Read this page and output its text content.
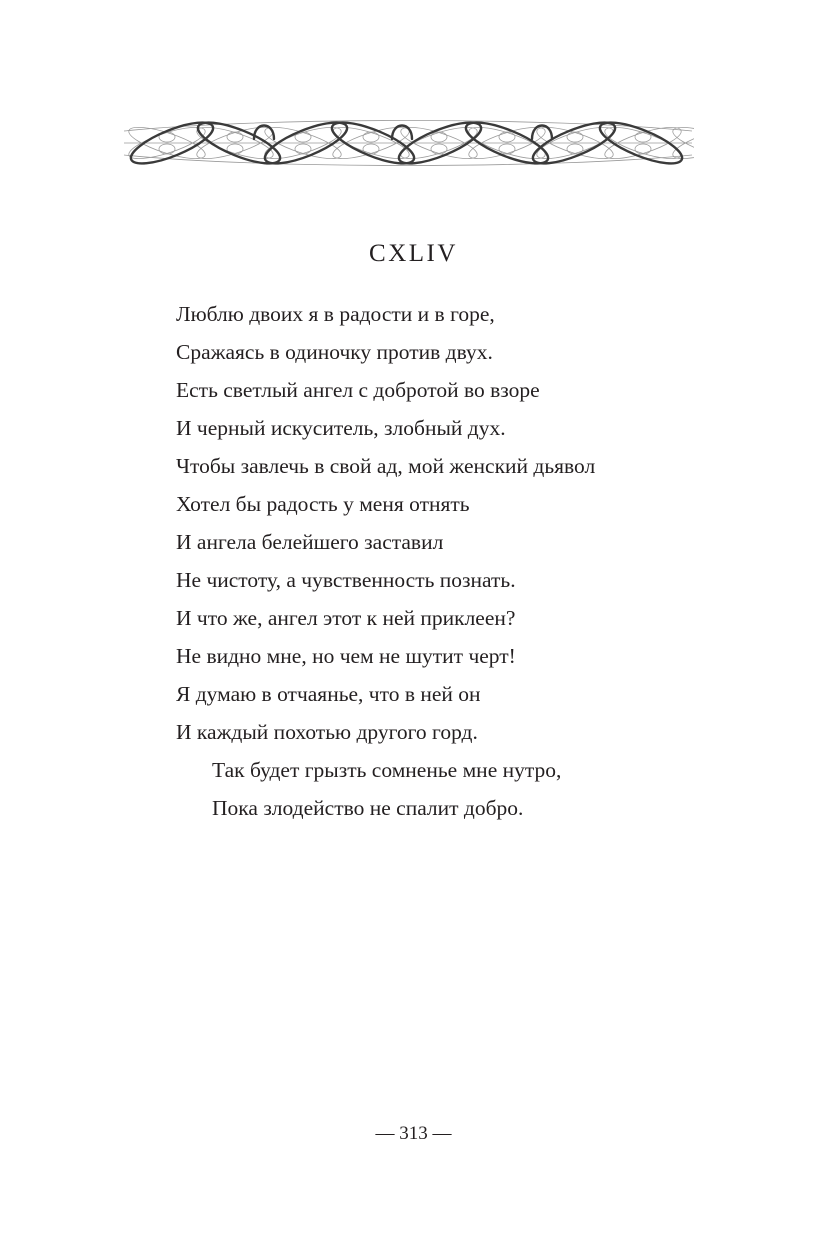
CXLIV
Люблю двоих я в радости и в горе,
Сражаясь в одиночку против двух.
Есть светлый ангел с добротой во взоре
И черный искуситель, злобный дух.
Чтобы завлечь в свой ад, мой женский дьявол
Хотел бы радость у меня отнять
И ангела белейшего заставил
Не чистоту, а чувственность познать.
И что же, ангел этот к ней приклеен?
Не видно мне, но чем не шутит черт!
Я думаю в отчаянье, что в ней он
И каждый похотью другого горд.
Так будет грызть сомненье мне нутро,
Пока злодейство не спалит добро.
— 313 —
